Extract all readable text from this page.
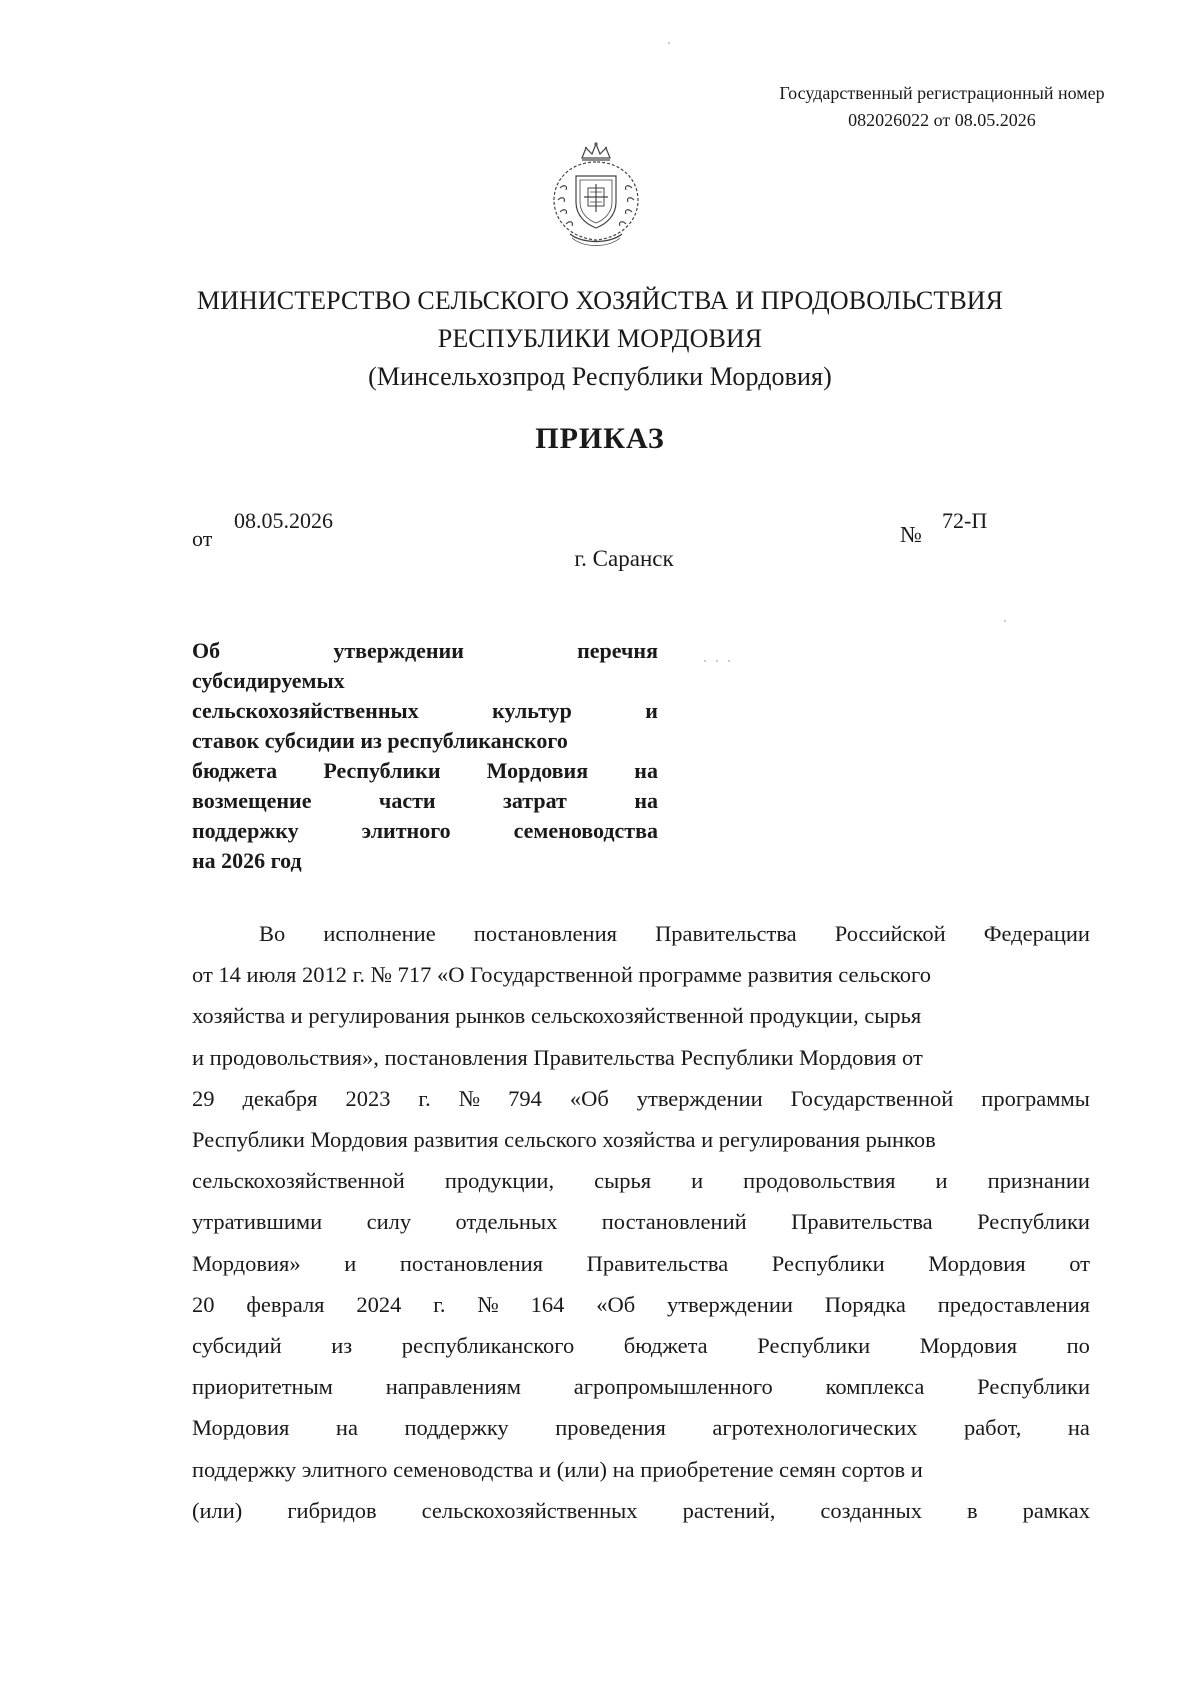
Государственный регистрационный номер
082026022 от 08.05.2026
МИНИСТЕРСТВО СЕЛЬСКОГО ХОЗЯЙСТВА И ПРОДОВОЛЬСТВИЯ
РЕСПУБЛИКИ МОРДОВИЯ
(Минсельхозпрод Республики Мордовия)
ПРИКАЗ
от
08.05.2026
№
72-П
г. Саранск
Об	утверждении	перечня
субсидируемых
сельскохозяйственных	культур	и
ставок субсидии из республиканского
бюджета Республики Мордовия на
возмещение	части	затрат	на
поддержку	элитного	семеноводства
на 2026 год
Во исполнение постановления Правительства Российской Федерации
от 14 июля 2012 г. № 717 «О Государственной программе развития сельского
хозяйства и регулирования рынков сельскохозяйственной продукции, сырья
и продовольствия», постановления Правительства Республики Мордовия от
29 декабря 2023 г. № 794 «Об утверждении Государственной программы
Республики Мордовия развития сельского хозяйства и регулирования рынков
сельскохозяйственной продукции, сырья и продовольствия и признании
утратившими силу отдельных постановлений Правительства Республики
Мордовия» и постановления Правительства Республики Мордовия от
20 февраля 2024 г. № 164 «Об утверждении Порядка предоставления
субсидий из республиканского бюджета Республики Мордовия по
приоритетным направлениям агропромышленного комплекса Республики
Мордовия на поддержку проведения агротехнологических работ, на
поддержку элитного семеноводства и (или) на приобретение семян сортов и
(или) гибридов сельскохозяйственных растений, созданных в рамках
